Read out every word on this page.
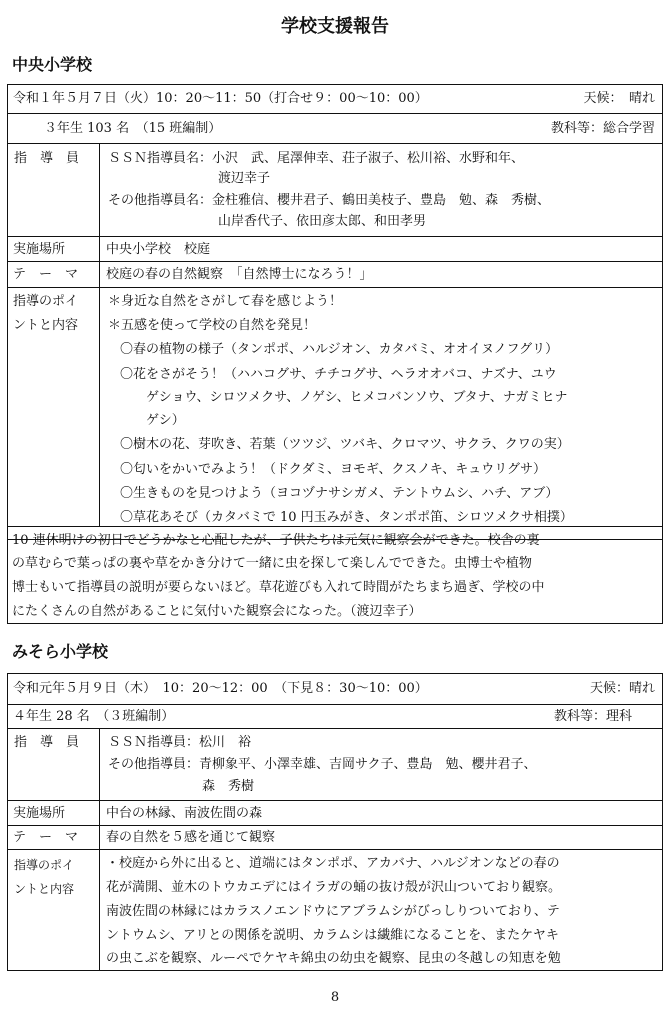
学校支援報告
中央小学校
令和１年５月７日（火）10：20～11：50（打合せ９：00～10：00）	天候：　晴れ
３年生 103 名　（15 班編制）	教科等：総合学習
指　導　員 ＳＳＮ指導員名：小沢　武、尾澤伸幸、荘子淑子、松川裕、水野和年、
渡辺幸子
その他指導員名：金柱雅信、櫻井君子、鶴田美枝子、豊島　勉、森　秀樹、
山岸香代子、依田彦太郎、和田孝男
実施場所	中央小学校　校庭
テ　ー　マ 校庭の春の自然観察　「自然博士になろう！」
指導のポイ
ントと内容
＊身近な自然をさがして春を感じよう！
＊五感を使って学校の自然を発見！
〇春の植物の様子（タンポポ、ハルジオン、カタバミ、オオイヌノフグリ）
〇花をさがそう！（ハハコグサ、チチコグサ、ヘラオオバコ、ナズナ、ユウ
ゲショウ、シロツメクサ、ノゲシ、ヒメコバンソウ、ブタナ、ナガミヒナ
ゲシ）
〇樹木の花、芽吹き、若葉（ツツジ、ツバキ、クロマツ、サクラ、クワの実）
〇匂いをかいでみよう！（ドクダミ、ヨモギ、クスノキ、キュウリグサ）
〇生きものを見つけよう（ヨコヅナサシガメ、テントウムシ、ハチ、アブ）
〇草花あそび（カタバミで 10 円玉みがき、タンポポ笛、シロツメクサ相撲）
10 連休明けの初日でどうかなと心配したが、子供たちは元気に観察会ができた。校舎の裏
の草むらで葉っぱの裏や草をかき分けて一緒に虫を探して楽しんでできた。虫博士や植物
博士もいて指導員の説明が要らないほど。草花遊びも入れて時間がたちまち過ぎ、学校の中
にたくさんの自然があることに気付いた観察会になった。（渡辺幸子）
みそら小学校
令和元年５月９日（木）　10：20～12：00　（下見８：30～10：00）	天候：晴れ
４年生 28 名　（３班編制）	教科等：理科
指　導　員 ＳＳＮ指導員：松川　裕
その他指導員：青柳象平、小澤幸雄、吉岡サク子、豊島　勉、櫻井君子、
森　秀樹
実施場所	中台の林縁、南波佐間の森
テ　ー　マ 春の自然を５感を通じて観察
指導のポイ
ントと内容
・校庭から外に出ると、道端にはタンポポ、アカバナ、ハルジオンなどの春の
花が満開、並木のトウカエデにはイラガの蛹の抜け殻が沢山ついており観察。
南波佐間の林縁にはカラスノエンドウにアブラムシがびっしりついており、テ
ントウムシ、アリとの関係を説明、カラムシは繊維になることを、またケヤキ
の虫こぶを観察、ルーペでケヤキ綿虫の幼虫を観察、昆虫の冬越しの知恵を勉
8
